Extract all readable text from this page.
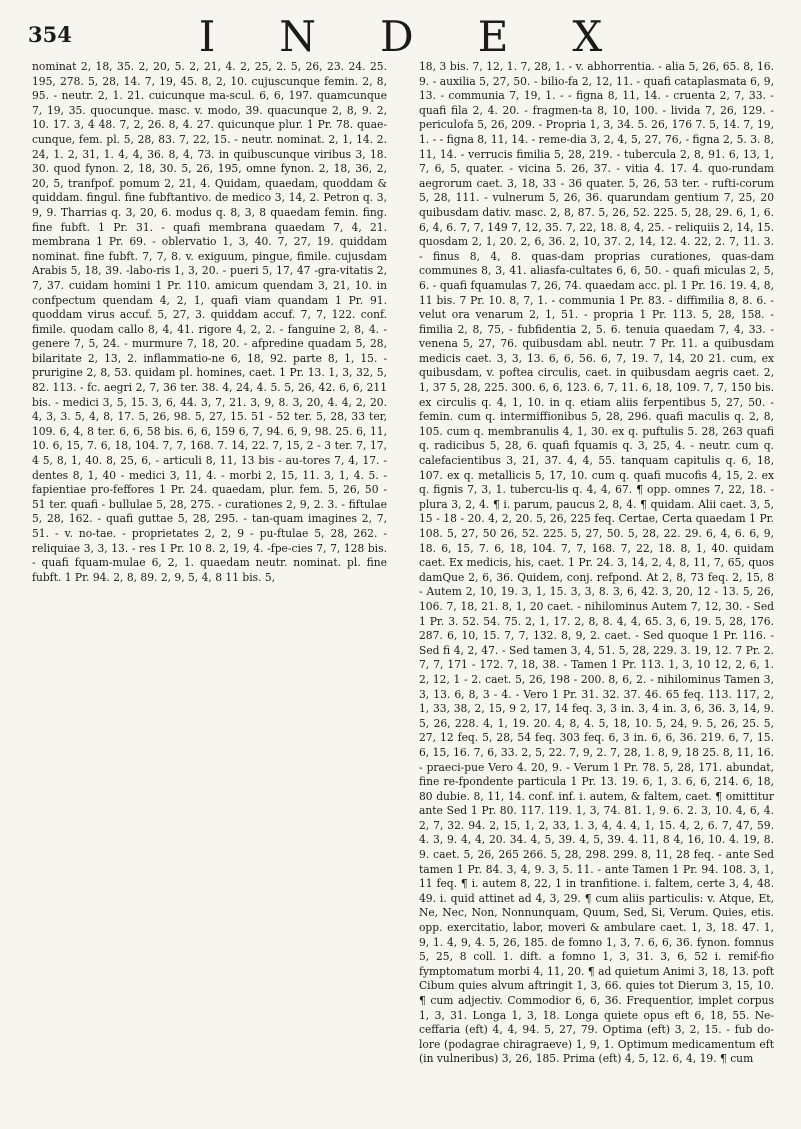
INDEX
354

nominat 2, 18, 35. 2, 20, 5. 2, 21, 4. 2, 25, 2. 5, 26, 23. 24. 25. 195, 278. 5, 28, 14. 7, 19, 45. 8, 2, 10. cujuscunque femin. 2, 8, 95. - neutr. 2, 1. 21. cuicunque ma-scul. 6, 6, 197. quamcunque 7, 19, 35. quocunque. masc. v. modo, 39. quacunque 2, 8, 9. 2, 10. 17. 3, 4 48. 7, 2, 26. 8, 4. 27. quicunque plur. 1 Pr. 78. quae-cunque, fem. pl. 5, 28, 83. 7, 22, 15. - neutr. nominat. 2, 1, 14. 2. 24, 1. 2, 31, 1. 4, 4, 36. 8, 4, 73. in quibuscunque viribus 3, 18. 30. quod fynon. 2, 18, 30. 5, 26, 195, omne fynon. 2, 18, 36, 2, 20, 5, tranfpof. pomum 2, 21, 4. Quidam, quaedam, quoddam & quiddam. fingul. fine fubftantivo. de medico 3, 14, 2. Petron q. 3, 9, 9. Tharrias q. 3, 20, 6. modus q. 8, 3, 8 quaedam femin. fing. fine fubft. 1 Pr. 31. - quafi membrana quaedam 7, 4, 21. membrana 1 Pr. 69. - oblervatio 1, 3, 40. 7, 27, 19. quiddam nominat. fine fubft. 7, 7, 8. v. exiguum, pingue, fimile. cujusdam Arabis 5, 18, 39. -labo-ris 1, 3, 20. - pueri 5, 17, 47 -gra-vitatis 2, 7, 37. cuidam homini 1 Pr. 110. amicum quendam 3, 21, 10. in confpectum quendam 4, 2, 1, quafi viam quandam 1 Pr. 91. quoddam virus accuf. 5, 27, 3. quiddam accuf. 7, 7, 122. conf. fimile. quodam callo 8, 4, 41. rigore 4, 2, 2. - fanguine 2, 8, 4. - genere 7, 5, 24. - murmure 7, 18, 20. - afpredine quadam 5, 28, bilaritate 2, 13, 2. inflammatio-ne 6, 18, 92. parte 8, 1, 15. - prurigine 2, 8, 53. quidam pl. homines, caet. 1 Pr. 13. 1, 3, 32, 5, 82. 113. - fc. aegri 2, 7, 36 ter. 38. 4, 24, 4. 5. 5, 26, 42. 6, 6, 211 bis. - medici 3, 5, 15. 3, 6, 44. 3, 7, 21. 3, 9, 8. 3, 20, 4. 4, 2, 20. 4, 3, 3. 5, 4, 8, 17. 5, 26, 98. 5, 27, 15. 51 - 52 ter. 5, 28, 33 ter, 109. 6, 4, 8 ter. 6, 6, 58 bis. 6, 6, 159 6, 7, 94. 6, 9, 98. 25. 6, 11, 10. 6, 15, 7. 6, 18, 104. 7, 7, 168. 7. 14, 22. 7, 15, 2 - 3 ter. 7, 17, 4 5, 8, 1, 40. 8, 25, 6, - articuli 8, 11, 13 bis - au-tores 7, 4, 17. - dentes 8, 1, 40 - medici 3, 11, 4. - morbi 2, 15, 11. 3, 1, 4. 5. - fapientiae pro-feffores 1 Pr. 24. quaedam, plur. fem. 5, 26, 50 - 51 ter. quafi - bullulae 5, 28, 275. - curationes 2, 9, 2. 3. - fiftulae 5, 28, 162. - quafi guttae 5, 28, 295. - tan-quam imagines 2, 7, 51. - v. no-tae. - proprietates 2, 2, 9 - pu-ftulae 5, 28, 262. - reliquiae 3, 3, 13. - res 1 Pr. 10 8. 2, 19, 4. -fpe-cies 7, 7, 128 bis. - quafi fquam-mulae 6, 2, 1. quaedam neutr. nominat. pl. fine fubft. 1 Pr. 94. 2, 8, 89. 2, 9, 5, 4, 8 11 bis. 5,

18, 3 bis. 7, 12, 1. 7, 28, 1. - v. abhorrentia. - alia 5, 26, 65. 8, 16. 9. - auxilia 5, 27, 50. - bilio-fa 2, 12, 11. - quafi cataplasmata 6, 9, 13. - communia 7, 19, 1. - - figna 8, 11, 14. - cruenta 2, 7, 33. - quafi fila 2, 4. 20. - fragmen-ta 8, 10, 100. - livida 7, 26, 129. - periculofa 5, 26, 209. - Propria 1, 3, 34. 5. 26, 176 7. 5, 14. 7, 19, 1. - - figna 8, 11, 14. - reme-dia 3, 2, 4, 5, 27, 76, - figna 2, 5. 3. 8, 11, 14. - verrucis fimilia 5, 28, 219. - tubercula 2, 8, 91. 6, 13, 1, 7, 6, 5, quater. - vicina 5. 26, 37. - vitia 4. 17. 4. quo-rundam aegrorum caet. 3, 18, 33 - 36 quater. 5, 26, 53 ter. - rufti-corum 5, 28, 111. - vulnerum 5, 26, 36. quarundam gentium 7, 25, 20 quibusdam dativ. masc. 2, 8, 87. 5, 26, 52. 225. 5, 28, 29. 6, 1, 6. 6, 4, 6. 7, 7, 149 7, 12, 35. 7, 22, 18. 8, 4, 25. - reliquiis 2, 14, 15. quosdam 2, 1, 20. 2, 6, 36. 2, 10, 37. 2, 14, 12. 4. 22, 2. 7, 11. 3. - finus 8, 4, 8. quas-dam proprias curationes, quas-dam communes 8, 3, 41. aliasfa-cultates 6, 6, 50. - quafi miculas 2, 5, 6. - quafi fquamulas 7, 26, 74. quaedam acc. pl. 1 Pr. 16. 19. 4, 8, 11 bis. 7 Pr. 10. 8, 7, 1. - communia 1 Pr. 83. - diffimilia 8, 8. 6. - velut ora venarum 2, 1, 51. - propria 1 Pr. 113. 5, 28, 158. - fimilia 2, 8, 75, - fubfidentia 2, 5. 6. tenuia quaedam 7, 4, 33. - venena 5, 27, 76. quibusdam abl. neutr. 7 Pr. 11. a quibusdam medicis caet. 3, 3, 13. 6, 6, 56. 6, 7, 19. 7, 14, 20 21. cum, ex quibusdam, v. poftea circulis, caet. in quibusdam aegris caet. 2, 1, 37 5, 28, 225. 300. 6, 6, 123. 6, 7, 11. 6, 18, 109. 7, 7, 150 bis. ex circulis q. 4, 1, 10. in q. etiam aliis ferpentibus 5, 27, 50. - femin. cum q. intermiffionibus 5, 28, 296. quafi maculis q. 2, 8, 105. cum q. membranulis 4, 1, 30. ex q. puftulis 5. 28, 263 quafi q. radicibus 5, 28, 6. quafi fquamis q. 3, 25, 4. - neutr. cum q. calefacientibus 3, 21, 37. 4, 4, 55. tanquam capitulis q. 6, 18, 107. ex q. metallicis 5, 17, 10. cum q. quafi mucofis 4, 15, 2. ex q. fignis 7, 3, 1. tubercu-lis q. 4, 4, 67. ¶ opp. omnes 7, 22, 18. - plura 3, 2, 4. ¶ i. parum, paucus 2, 8, 4. ¶ quidam. Alii caet. 3, 5, 15 - 18 - 20. 4, 2, 20. 5, 26, 225 feq. Certae, Certa quaedam 1 Pr. 108. 5, 27, 50 26, 52. 225. 5, 27, 50. 5, 28, 22. 29. 6, 4, 6. 6, 9, 18. 6, 15, 7. 6, 18, 104. 7, 7, 168. 7, 22, 18. 8, 1, 40. quidam caet. Ex medicis, his, caet. 1 Pr. 24. 3, 14, 2, 4, 8, 11, 7, 65, quos damQue 2, 6, 36. Quidem, conj. refpond. At 2, 8, 73 feq. 2, 15, 8 - Autem 2, 10, 19. 3, 1, 15. 3, 3, 8. 3, 6, 42. 3, 20, 12 - 13. 5, 26, 106. 7, 18, 21. 8, 1, 20 caet. - nihilominus Autem 7, 12, 30. - Sed 1 Pr. 3. 52. 54. 75. 2, 1, 17. 2, 8, 8. 4, 4, 65. 3, 6, 19. 5, 28, 176. 287. 6, 10, 15. 7, 7, 132. 8, 9, 2. caet. - Sed quoque 1 Pr. 116. - Sed fi 4, 2, 47. - Sed tamen 3, 4, 51. 5, 28, 229. 3. 19, 12. 7 Pr. 2. 7, 7, 171 - 172. 7, 18, 38. - Tamen 1 Pr. 113. 1, 3, 10 12, 2, 6, 1. 2, 12, 1 - 2. caet. 5, 26, 198 - 200. 8, 6, 2. - nihilominus Tamen 3, 3, 13. 6, 8, 3 - 4. - Vero 1 Pr. 31. 32. 37. 46. 65 feq. 113. 117, 2, 1, 33, 38, 2, 15, 9 2, 17, 14 feq. 3, 3 in. 3, 4 in. 3, 6, 36. 3, 14, 9. 5, 26, 228. 4, 1, 19. 20. 4, 8, 4. 5, 18, 10. 5, 24, 9. 5, 26, 25. 5, 27, 12 feq. 5, 28, 54 feq. 303 feq. 6, 3 in. 6, 6, 36. 219. 6, 7, 15. 6, 15, 16. 7, 6, 33. 2, 5, 22. 7, 9, 2. 7, 28, 1. 8, 9, 18 25. 8, 11, 16. - praeci-pue Vero 4. 20, 9. - Verum 1 Pr. 78. 5, 28, 171. abundat, fine re-fpondente particula 1 Pr. 13. 19. 6, 1, 3. 6, 6, 214. 6, 18, 80 dubie. 8, 11, 14. conf. inf. i. autem, & faltem, caet. ¶ omittitur ante Sed 1 Pr. 80. 117. 119. 1, 3, 74. 81. 1, 9. 6. 2. 3, 10. 4, 6, 4. 2, 7, 32. 94. 2, 15, 1, 2, 33, 1. 3, 4, 4. 4, 1, 15. 4, 2, 6. 7, 47, 59. 4. 3, 9. 4, 4, 20. 34. 4, 5, 39. 4, 5, 39. 4. 11, 8 4, 16, 10. 4. 19, 8. 9. caet. 5, 26, 265 266. 5, 28, 298. 299. 8, 11, 28 feq. - ante Sed tamen 1 Pr. 84. 3, 4, 9. 3, 5. 11. - ante Tamen 1 Pr. 94. 108. 3, 1, 11 feq. ¶ i. autem 8, 22, 1 in tranfitione. i. faltem, certe 3, 4, 48. 49. i. quid attinet ad 4, 3, 29. ¶ cum aliis particulis: v. Atque, Et, Ne, Nec, Non, Nonnunquam, Quum, Sed, Si, Verum. Quies, etis. opp. exercitatio, labor, moveri & ambulare caet. 1, 3, 18. 47. 1, 9, 1. 4, 9, 4. 5, 26, 185. de fomno 1, 3, 7. 6, 6, 36. fynon. fomnus 5, 25, 8 coll. 1. dift. a fomno 1, 3, 31. 3, 6, 52 i. remif-fio fymptomatum morbi 4, 11, 20. ¶ ad quietum Animi 3, 18, 13. poft Cibum quies alvum aftringit 1, 3, 66. quies tot Dierum 3, 15, 10. ¶ cum adjectiv. Commodior 6, 6, 36. Frequentior, implet corpus 1, 3, 31. Longa 1, 3, 18. Longa quiete opus eft 6, 18, 55. Ne-ceffaria (eft) 4, 4, 94. 5, 27, 79. Optima (eft) 3, 2, 15. - fub do-lore (podagrae chiragraeve) 1, 9, 1. Optimum medicamentum eft (in vulneribus) 3, 26, 185. Prima (eft) 4, 5, 12. 6, 4, 19. ¶ cum
